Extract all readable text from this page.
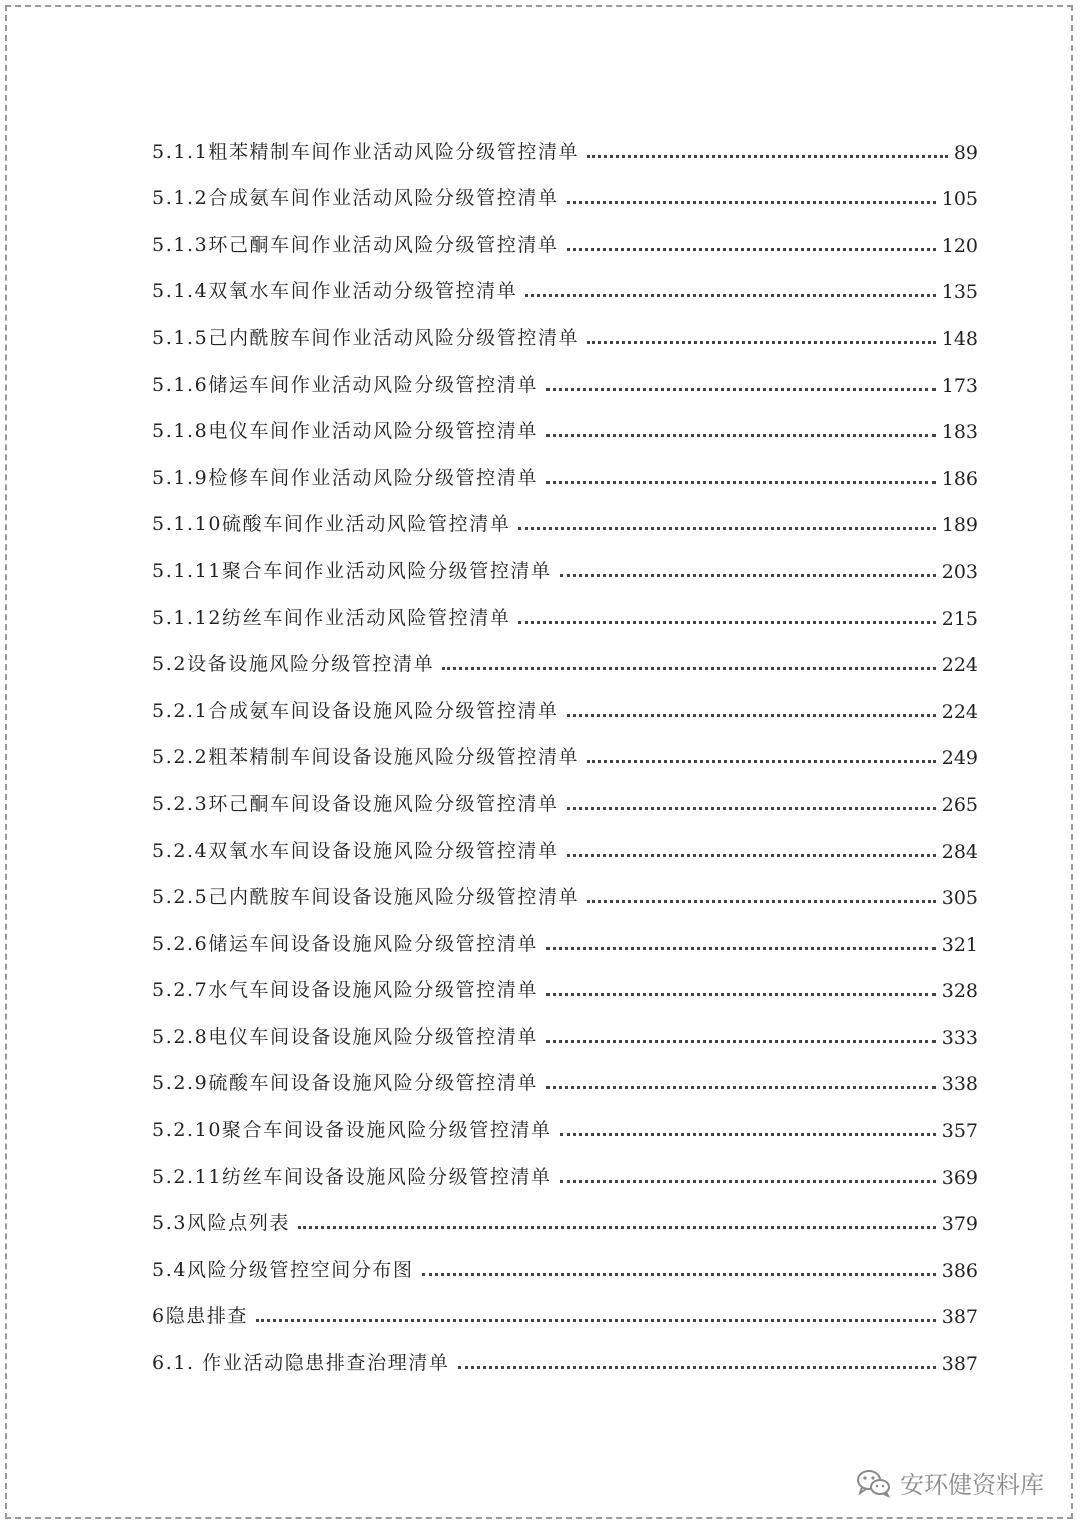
5.1.1粗苯精制车间作业活动风险分级管控清单	89
5.1.2合成氨车间作业活动风险分级管控清单	105
5.1.3环己酮车间作业活动风险分级管控清单	120
5.1.4双氧水车间作业活动分级管控清单	135
5.1.5己内酰胺车间作业活动风险分级管控清单	148
5.1.6储运车间作业活动风险分级管控清单	173
5.1.8电仪车间作业活动风险分级管控清单	183
5.1.9检修车间作业活动风险分级管控清单	186
5.1.10硫酸车间作业活动风险管控清单	189
5.1.11聚合车间作业活动风险分级管控清单	203
5.1.12纺丝车间作业活动风险管控清单	215
5.2设备设施风险分级管控清单	224
5.2.1合成氨车间设备设施风险分级管控清单	224
5.2.2粗苯精制车间设备设施风险分级管控清单	249
5.2.3环己酮车间设备设施风险分级管控清单	265
5.2.4双氧水车间设备设施风险分级管控清单	284
5.2.5己内酰胺车间设备设施风险分级管控清单	305
5.2.6储运车间设备设施风险分级管控清单	321
5.2.7水气车间设备设施风险分级管控清单	328
5.2.8电仪车间设备设施风险分级管控清单	333
5.2.9硫酸车间设备设施风险分级管控清单	338
5.2.10聚合车间设备设施风险分级管控清单	357
5.2.11纺丝车间设备设施风险分级管控清单	369
5.3风险点列表	379
5.4风险分级管控空间分布图	386
6隐患排查	387
6.1. 作业活动隐患排查治理清单	387
安环健资料库
